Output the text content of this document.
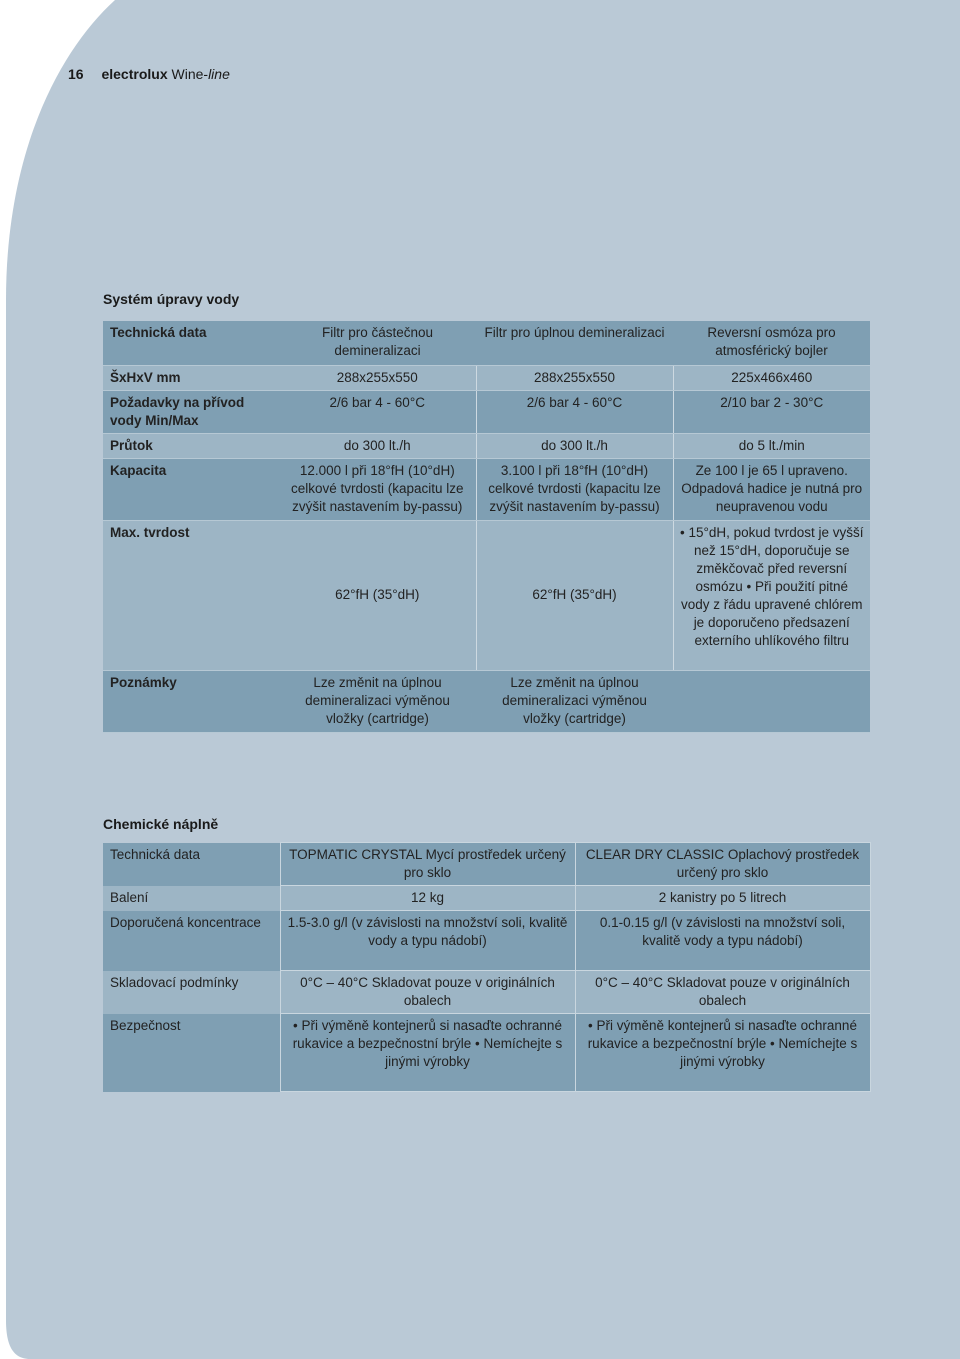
16 electrolux Wine-line
Systém úpravy vody
Technická data	Filtr pro částečnou demineralizaci	Filtr pro úplnou demineralizaci	Reversní osmóza pro atmosférický bojler
ŠxHxV mm	288x255x550	288x255x550	225x466x460
Požadavky na přívod vody Min/Max	2/6 bar 4 - 60°C	2/6 bar 4 - 60°C	2/10 bar 2 - 30°C
Průtok	do 300 lt./h	do 300 lt./h	do 5 lt./min
Kapacita	12.000 l při 18°fH (10°dH) celkové tvrdosti (kapacitu lze zvýšit nastavením by-passu)	3.100 l při 18°fH (10°dH) celkové tvrdosti (kapacitu lze zvýšit nastavením by-passu)	Ze 100 l je 65 l upraveno. Odpadová hadice je nutná pro neupravenou vodu
Max. tvrdost	62°fH (35°dH)	62°fH (35°dH)	• 15°dH, pokud tvrdost je vyšší než 15°dH, doporučuje se změkčovač před reversní osmózu • Při použití pitné vody z řádu upravené chlórem je doporučeno předsazení externího uhlíkového filtru
Poznámky	Lze změnit na úplnou demineralizaci výměnou vložky (cartridge)	Lze změnit na úplnou demineralizaci výměnou vložky (cartridge)	
Chemické náplně
Technická data	TOPMATIC CRYSTAL Mycí prostředek určený pro sklo	CLEAR DRY CLASSIC Oplachový prostředek určený pro sklo
Balení	12 kg	2 kanistry po 5 litrech
Doporučená koncentrace	1.5-3.0 g/l (v závislosti na množství soli, kvalitě vody a typu nádobí)	0.1-0.15 g/l (v závislosti na množství soli, kvalitě vody a typu nádobí)
Skladovací podmínky	0°C – 40°C Skladovat pouze v originálních obalech	0°C – 40°C Skladovat pouze v originálních obalech
Bezpečnost	• Při výměně kontejnerů si nasaďte ochranné rukavice a bezpečnostní brýle • Nemíchejte s jinými výrobky	• Při výměně kontejnerů si nasaďte ochranné rukavice a bezpečnostní brýle • Nemíchejte s jinými výrobky
